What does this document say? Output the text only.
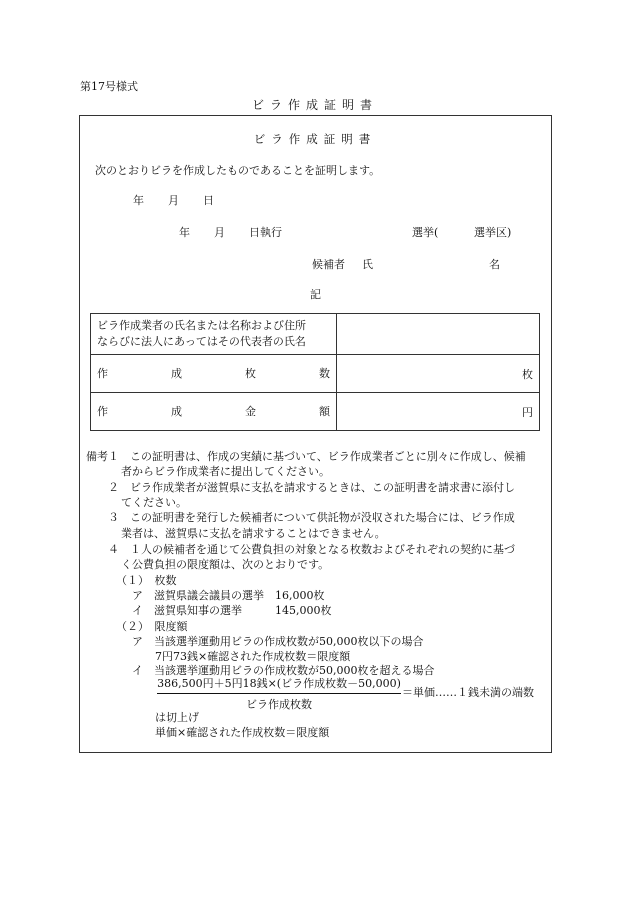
第17号様式
ビラ作成証明書
ビラ作成証明書
次のとおりビラを作成したものであることを証明します。
年 月 日
年 月 日執行	選挙(	選挙区)
候補者 氏	名
記
ビラ作成業者の氏名または名称および住所
ならびに法人にあってはその代表者の氏名	

作 成 枚 数	枚

作 成 金 額	円
備考１　この証明書は、作成の実績に基づいて、ビラ作成業者ごとに別々に作成し、候補
者からビラ作成業者に提出してください。
２　ビラ作成業者が滋賀県に支払を請求するときは、この証明書を請求書に添付し
てください。
３　この証明書を発行した候補者について供託物が没収された場合には、ビラ作成
業者は、滋賀県に支払を請求することはできません。
４　１人の候補者を通じて公費負担の対象となる枚数およびそれぞれの契約に基づ
く公費負担の限度額は、次のとおりです。
（１）　枚数
ア　滋賀県議会議員の選挙　16,000枚
イ　滋賀県知事の選挙　　　145,000枚
（２）　限度額
ア　当該選挙運動用ビラの作成枚数が50,000枚以下の場合
7円73銭×確認された作成枚数＝限度額
イ　当該選挙運動用ビラの作成枚数が50,000枚を超える場合
386,500円＋5円18銭×(ビラ作成枚数－50,000)
ビラ作成枚数
＝単価……１銭未満の端数
は切上げ
単価×確認された作成枚数＝限度額
